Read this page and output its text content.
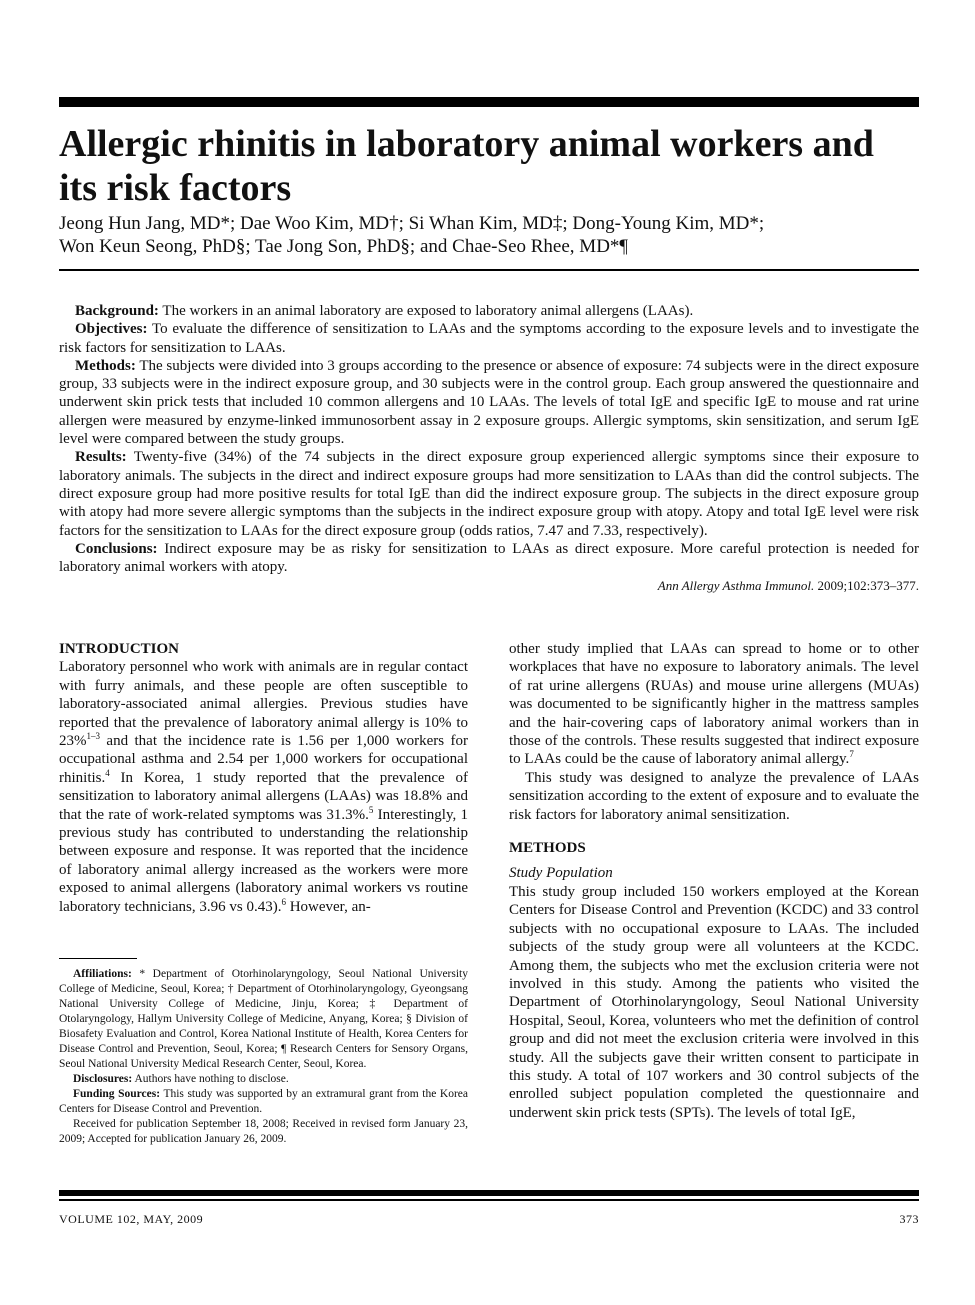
Allergic rhinitis in laboratory animal workers and its risk factors
Jeong Hun Jang, MD*; Dae Woo Kim, MD†; Si Whan Kim, MD‡; Dong-Young Kim, MD*;
Won Keun Seong, PhD§; Tae Jong Son, PhD§; and Chae-Seo Rhee, MD*¶

Background: The workers in an animal laboratory are exposed to laboratory animal allergens (LAAs).

Objectives: To evaluate the difference of sensitization to LAAs and the symptoms according to the exposure levels and to investigate the risk factors for sensitization to LAAs.

Methods: The subjects were divided into 3 groups according to the presence or absence of exposure: 74 subjects were in the direct exposure group, 33 subjects were in the indirect exposure group, and 30 subjects were in the control group. Each group answered the questionnaire and underwent skin prick tests that included 10 common allergens and 10 LAAs. The levels of total IgE and specific IgE to mouse and rat urine allergen were measured by enzyme-linked immunosorbent assay in 2 exposure groups. Allergic symptoms, skin sensitization, and serum IgE level were compared between the study groups.

Results: Twenty-five (34%) of the 74 subjects in the direct exposure group experienced allergic symptoms since their exposure to laboratory animals. The subjects in the direct and indirect exposure groups had more sensitization to LAAs than did the control subjects. The direct exposure group had more positive results for total IgE than did the indirect exposure group. The subjects in the direct exposure group with atopy had more severe allergic symptoms than the subjects in the indirect exposure group with atopy. Atopy and total IgE level were risk factors for the sensitization to LAAs for the direct exposure group (odds ratios, 7.47 and 7.33, respectively).

Conclusions: Indirect exposure may be as risky for sensitization to LAAs as direct exposure. More careful protection is needed for laboratory animal workers with atopy.

Ann Allergy Asthma Immunol. 2009;102:373–377.

INTRODUCTION

Laboratory personnel who work with animals are in regular contact with furry animals, and these people are often susceptible to laboratory-associated animal allergies. Previous studies have reported that the prevalence of laboratory animal allergy is 10% to 23%$^{1-3}$ and that the incidence rate is 1.56 per 1,000 workers for occupational asthma and 2.54 per 1,000 workers for occupational rhinitis.$^4$ In Korea, 1 study reported that the prevalence of sensitization to laboratory animal allergens (LAAs) was 18.8% and that the rate of work-related symptoms was 31.3%.$^5$ Interestingly, 1 previous study has contributed to understanding the relationship between exposure and response. It was reported that the incidence of laboratory animal allergy increased as the workers were more exposed to animal allergens (laboratory animal workers vs routine laboratory technicians, 3.96 vs 0.43).$^6$ However, an-

Affiliations: * Department of Otorhinolaryngology, Seoul National University College of Medicine, Seoul, Korea; † Department of Otorhinolaryngology, Gyeongsang National University College of Medicine, Jinju, Korea; ‡ Department of Otolaryngology, Hallym University College of Medicine, Anyang, Korea; § Division of Biosafety Evaluation and Control, Korea National Institute of Health, Korea Centers for Disease Control and Prevention, Seoul, Korea; ¶ Research Centers for Sensory Organs, Seoul National University Medical Research Center, Seoul, Korea.

Disclosures: Authors have nothing to disclose.

Funding Sources: This study was supported by an extramural grant from the Korea Centers for Disease Control and Prevention.

Received for publication September 18, 2008; Received in revised form January 23, 2009; Accepted for publication January 26, 2009.

other study implied that LAAs can spread to home or to other workplaces that have no exposure to laboratory animals. The level of rat urine allergens (RUAs) and mouse urine allergens (MUAs) was documented to be significantly higher in the mattress samples and the hair-covering caps of laboratory animal workers than in those of the controls. These results suggested that indirect exposure to LAAs could be the cause of laboratory animal allergy.$^7$

This study was designed to analyze the prevalence of LAAs sensitization according to the extent of exposure and to evaluate the risk factors for laboratory animal sensitization.

METHODS

Study Population

This study group included 150 workers employed at the Korean Centers for Disease Control and Prevention (KCDC) and 33 control subjects with no occupational exposure to LAAs. The included subjects of the study group were all volunteers at the KCDC. Among them, the subjects who met the exclusion criteria were not involved in this study. Among the patients who visited the Department of Otorhinolaryngology, Seoul National University Hospital, Seoul, Korea, volunteers who met the definition of control group and did not meet the exclusion criteria were involved in this study. All the subjects gave their written consent to participate in this study. A total of 107 workers and 30 control subjects of the enrolled subject population completed the questionnaire and underwent skin prick tests (SPTs). The levels of total IgE,

VOLUME 102, MAY, 2009	373
